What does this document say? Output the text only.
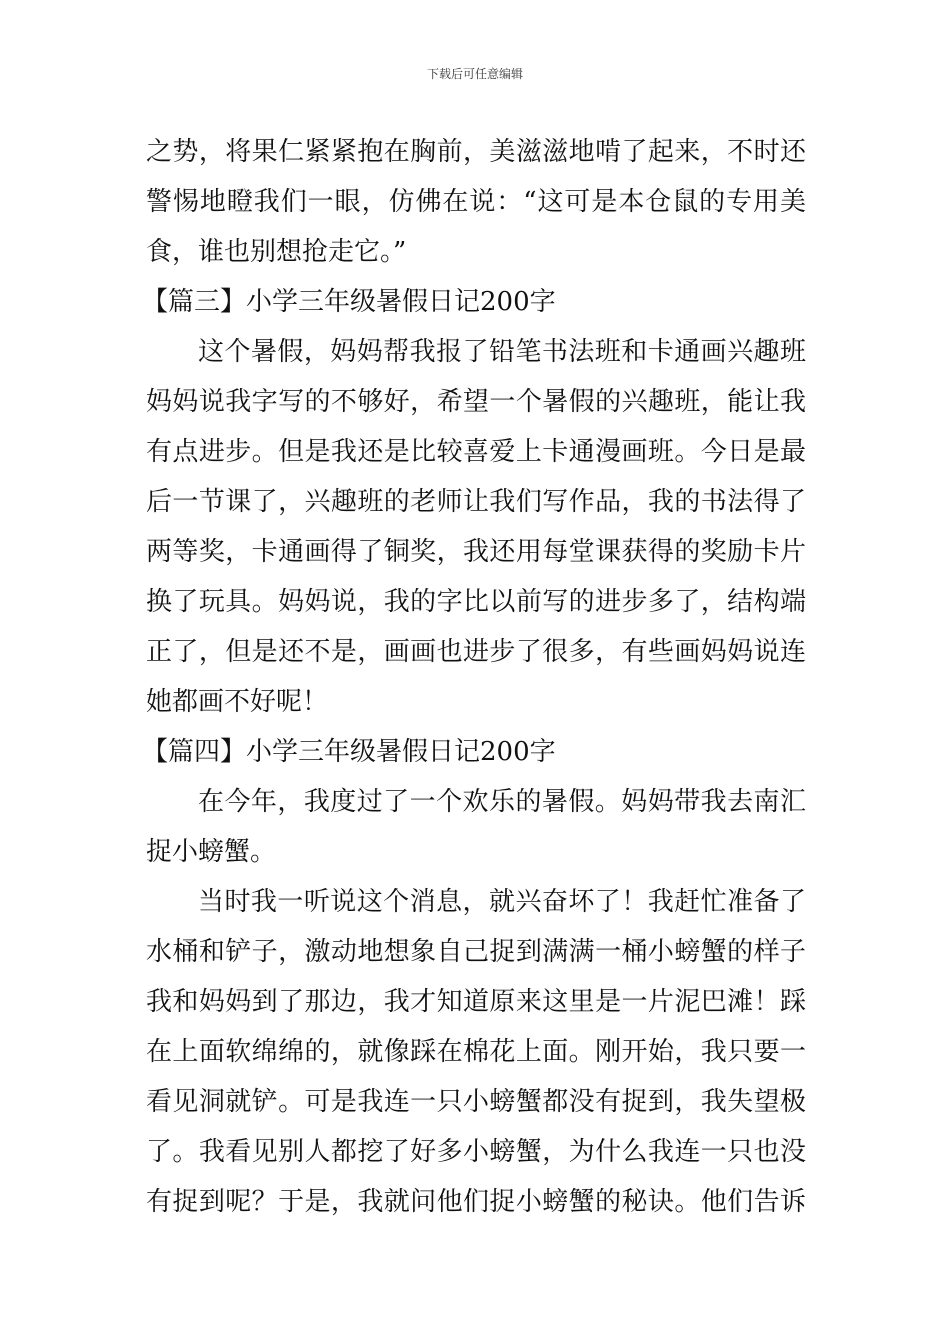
下载后可任意编辑
之势，将果仁紧紧抱在胸前，美滋滋地啃了起来，不时还
警惕地瞪我们一眼，仿佛在说：“这可是本仓鼠的专用美
食，谁也别想抢走它。”
【篇三】小学三年级暑假日记200字
这个暑假，妈妈帮我报了铅笔书法班和卡通画兴趣班
妈妈说我字写的不够好，希望一个暑假的兴趣班，能让我
有点进步。但是我还是比较喜爱上卡通漫画班。今日是最
后一节课了，兴趣班的老师让我们写作品，我的书法得了
两等奖，卡通画得了铜奖，我还用每堂课获得的奖励卡片
换了玩具。妈妈说，我的字比以前写的进步多了，结构端
正了，但是还不是，画画也进步了很多，有些画妈妈说连
她都画不好呢！
【篇四】小学三年级暑假日记200字
在今年，我度过了一个欢乐的暑假。妈妈带我去南汇
捉小螃蟹。
当时我一听说这个消息，就兴奋坏了！我赶忙准备了
水桶和铲子，激动地想象自己捉到满满一桶小螃蟹的样子
我和妈妈到了那边，我才知道原来这里是一片泥巴滩！踩
在上面软绵绵的，就像踩在棉花上面。刚开始，我只要一
看见洞就铲。可是我连一只小螃蟹都没有捉到，我失望极
了。我看见别人都挖了好多小螃蟹，为什么我连一只也没
有捉到呢？于是，我就问他们捉小螃蟹的秘诀。他们告诉
